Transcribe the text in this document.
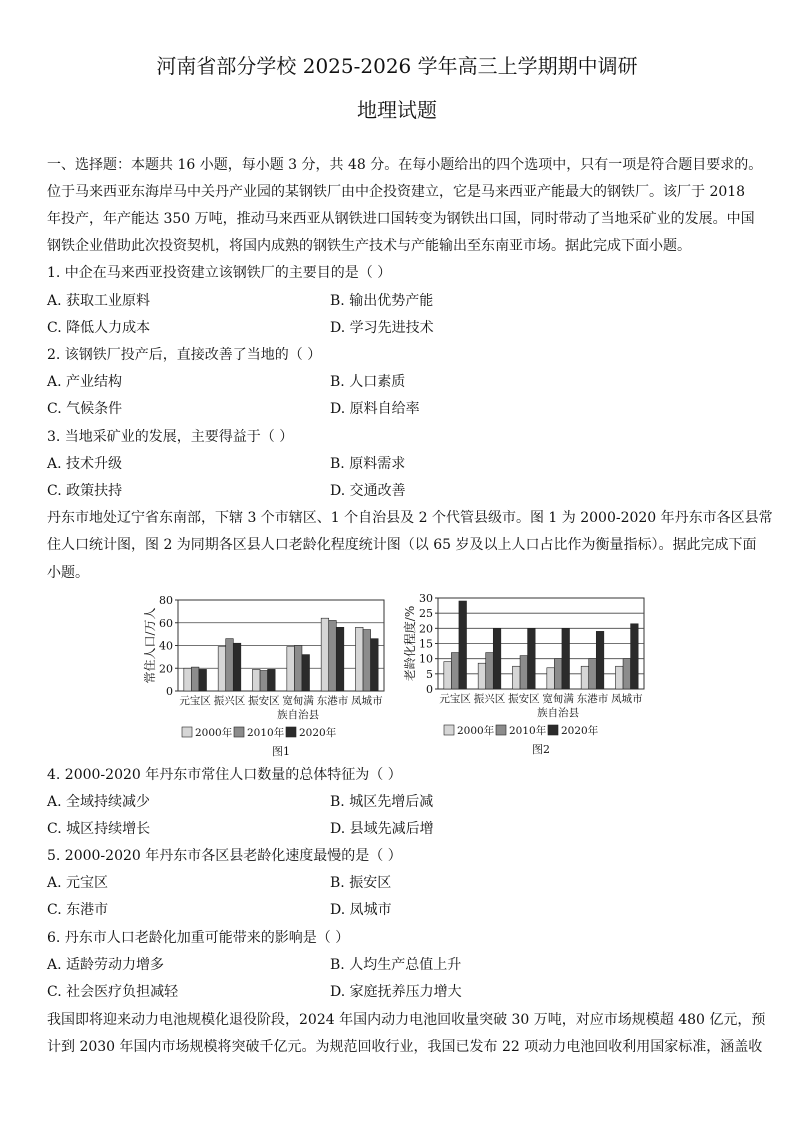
河南省部分学校 2025-2026 学年高三上学期期中调研
地理试题
一、选择题：本题共 16 小题，每小题 3 分，共 48 分。在每小题给出的四个选项中，只有一项是符合题目要求的。
位于马来西亚东海岸马中关丹产业园的某钢铁厂由中企投资建立，它是马来西亚产能最大的钢铁厂。该厂于 2018
年投产，年产能达 350 万吨，推动马来西亚从钢铁进口国转变为钢铁出口国，同时带动了当地采矿业的发展。中国
钢铁企业借助此次投资契机，将国内成熟的钢铁生产技术与产能输出至东南亚市场。据此完成下面小题。
1. 中企在马来西亚投资建立该钢铁厂的主要目的是（ ）
A. 获取工业原料	B. 输出优势产能
C. 降低人力成本	D. 学习先进技术
2. 该钢铁厂投产后，直接改善了当地的（ ）
A. 产业结构	B. 人口素质
C. 气候条件	D. 原料自给率
3. 当地采矿业的发展，主要得益于（ ）
A. 技术升级	B. 原料需求
C. 政策扶持	D. 交通改善
丹东市地处辽宁省东南部，下辖 3 个市辖区、1 个自治县及 2 个代管县级市。图 1 为 2000-2020 年丹东市各区县常
住人口统计图，图 2 为同期各区县人口老龄化程度统计图（以 65 岁及以上人口占比作为衡量指标）。据此完成下面
小题。
0
20
40
60
80
常住人口/万人
元宝区 振兴区 振安区 宽甸满 东港市 凤城市
族自治县
2000年 2010年 2020年
图1
0
5
10
15
20
25
30
老龄化程度/%
元宝区 振兴区 振安区 宽甸满 东港市 凤城市
族自治县
2000年 2010年 2020年
图2
4. 2000-2020 年丹东市常住人口数量的总体特征为（ ）
A. 全域持续减少	B. 城区先增后减
C. 城区持续增长	D. 县域先减后增
5. 2000-2020 年丹东市各区县老龄化速度最慢的是（ ）
A. 元宝区	B. 振安区
C. 东港市	D. 凤城市
6. 丹东市人口老龄化加重可能带来的影响是（ ）
A. 适龄劳动力增多	B. 人均生产总值上升
C. 社会医疗负担减轻	D. 家庭抚养压力增大
我国即将迎来动力电池规模化退役阶段，2024 年国内动力电池回收量突破 30 万吨，对应市场规模超 480 亿元，预
计到 2030 年国内市场规模将突破千亿元。为规范回收行业，我国已发布 22 项动力电池回收利用国家标准，涵盖收
